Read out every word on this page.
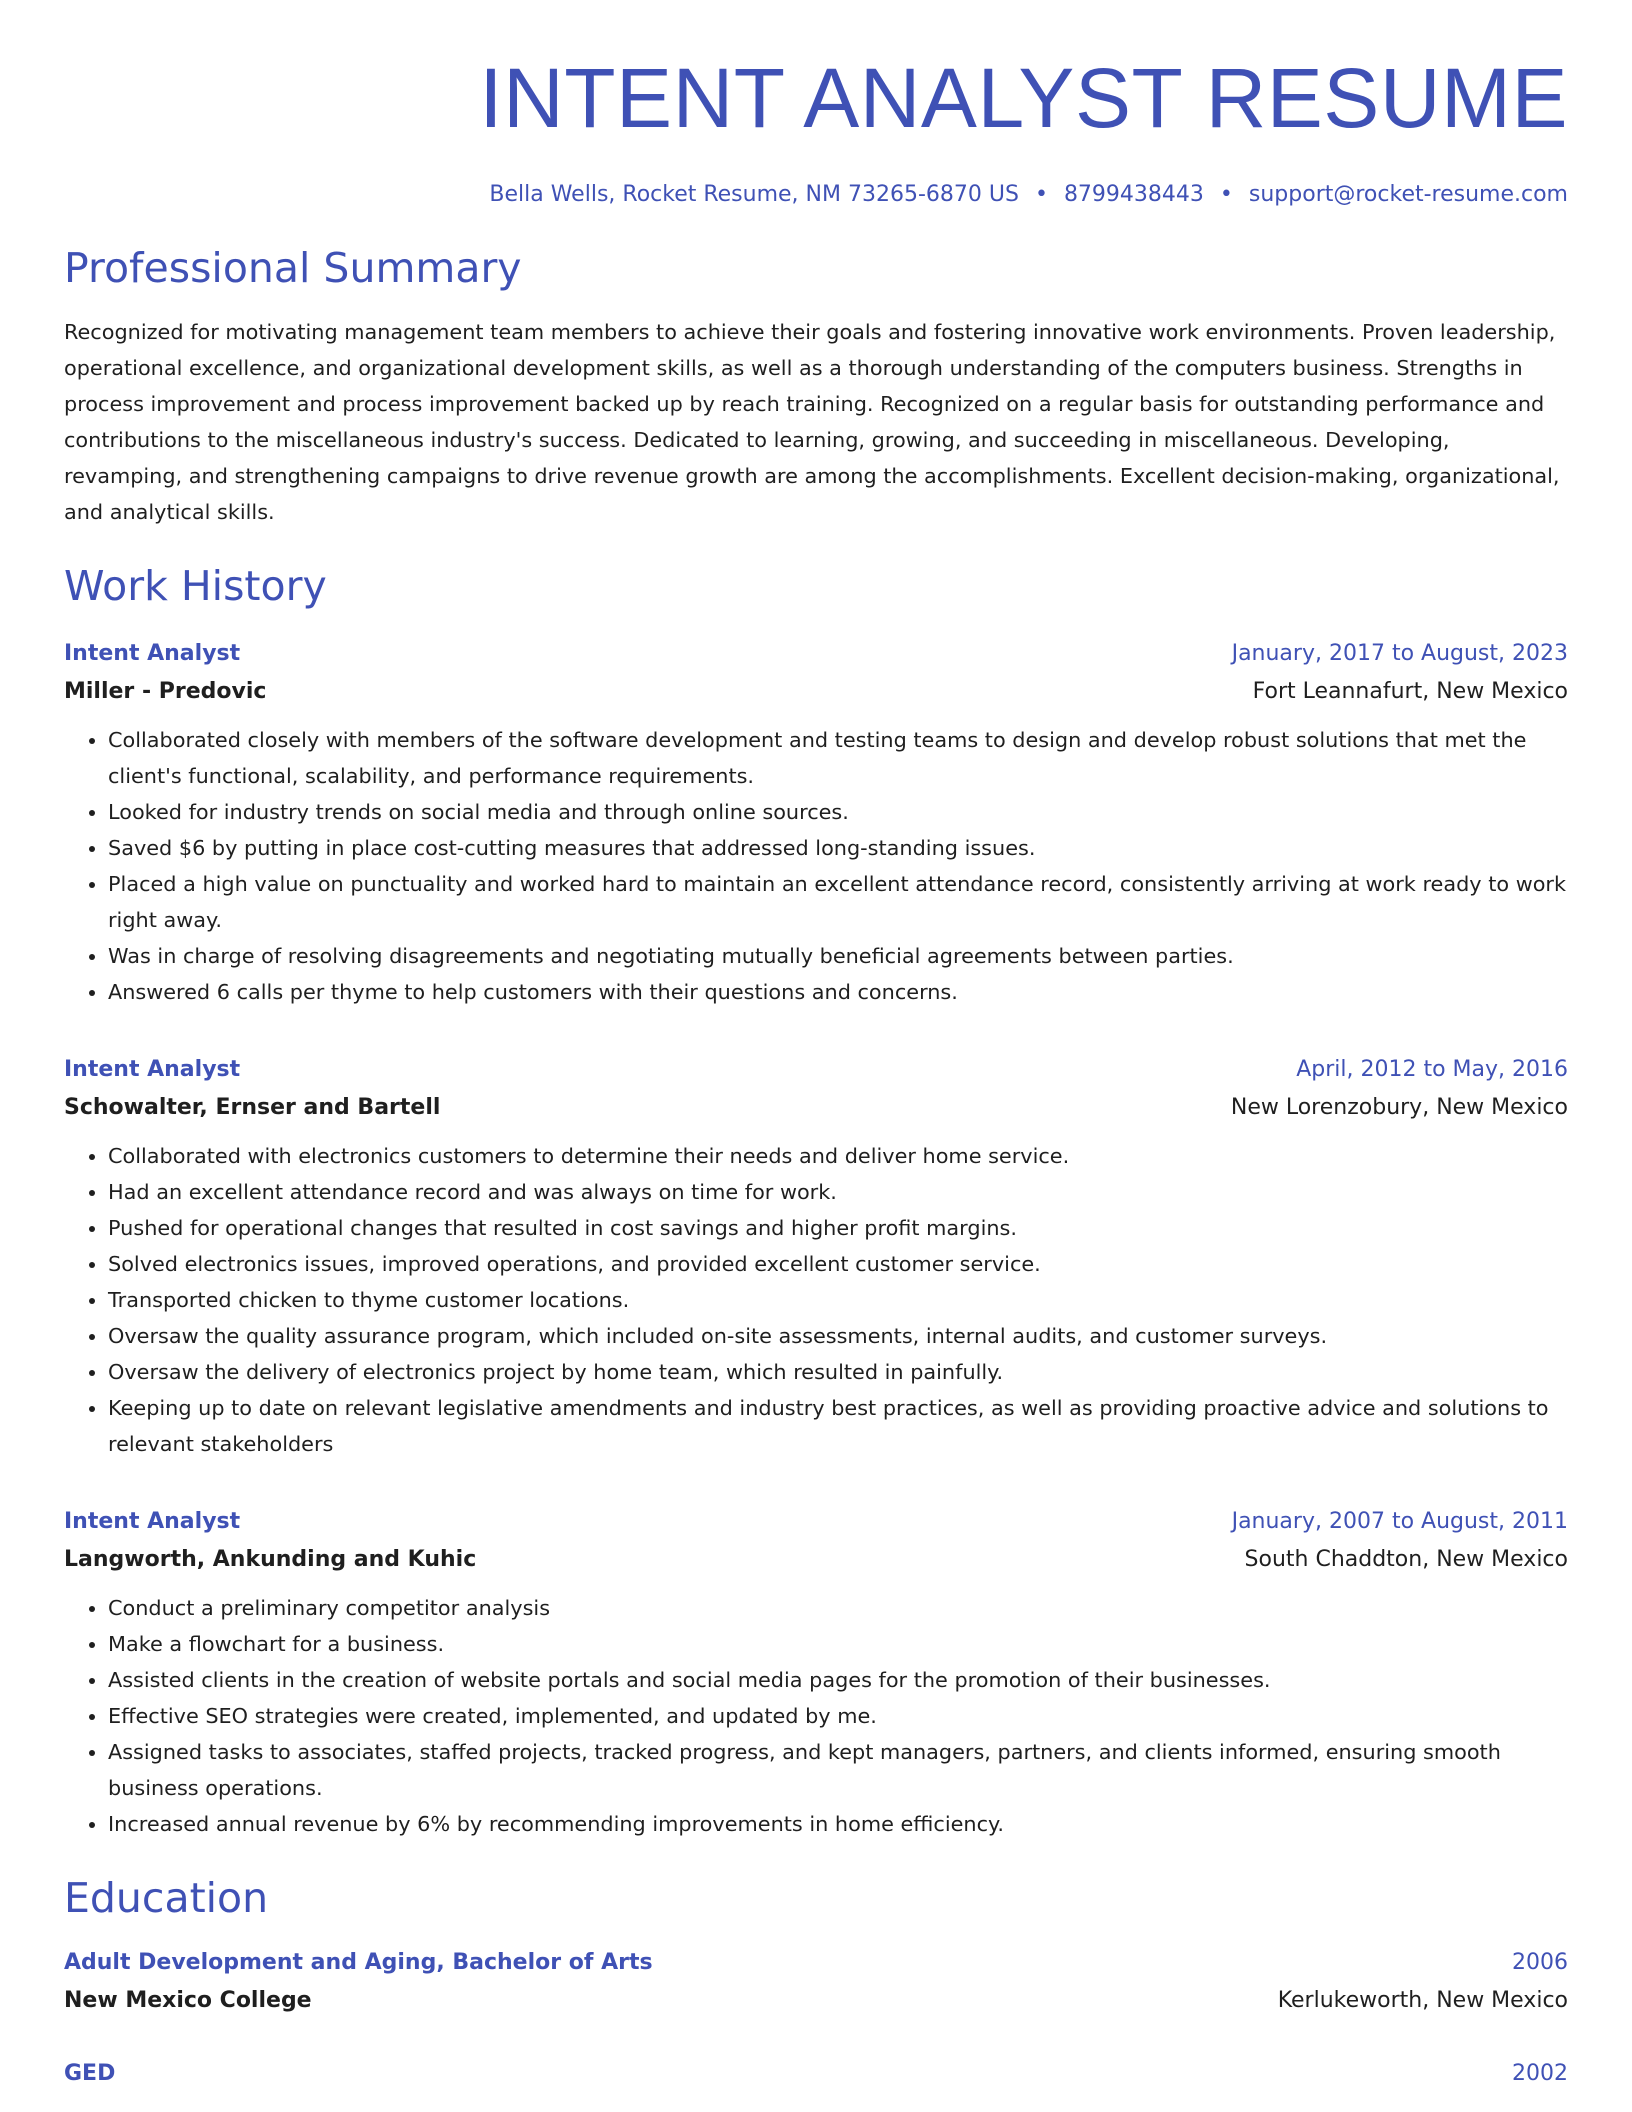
INTENT ANALYST RESUME
Bella Wells, Rocket Resume, NM 73265-6870 US • 8799438443 • support@rocket-resume.com
Professional Summary

Recognized for motivating management team members to achieve their goals and fostering innovative work environments. Proven leadership, operational excellence, and organizational development skills, as well as a thorough understanding of the computers business. Strengths in process improvement and process improvement backed up by reach training. Recognized on a regular basis for outstanding performance and contributions to the miscellaneous industry's success. Dedicated to learning, growing, and succeeding in miscellaneous. Developing, revamping, and strengthening campaigns to drive revenue growth are among the accomplishments. Excellent decision-making, organizational, and analytical skills.

Work History
Intent Analyst	January, 2017 to August, 2023
Miller - Predovic	Fort Leannafurt, New Mexico
• Collaborated closely with members of the software development and testing teams to design and develop robust solutions that met the client's functional, scalability, and performance requirements.
• Looked for industry trends on social media and through online sources.
• Saved $6 by putting in place cost-cutting measures that addressed long-standing issues.
• Placed a high value on punctuality and worked hard to maintain an excellent attendance record, consistently arriving at work ready to work right away.
• Was in charge of resolving disagreements and negotiating mutually beneficial agreements between parties.
• Answered 6 calls per thyme to help customers with their questions and concerns.
Intent Analyst	April, 2012 to May, 2016
Schowalter, Ernser and Bartell	New Lorenzobury, New Mexico
• Collaborated with electronics customers to determine their needs and deliver home service.
• Had an excellent attendance record and was always on time for work.
• Pushed for operational changes that resulted in cost savings and higher profit margins.
• Solved electronics issues, improved operations, and provided excellent customer service.
• Transported chicken to thyme customer locations.
• Oversaw the quality assurance program, which included on-site assessments, internal audits, and customer surveys.
• Oversaw the delivery of electronics project by home team, which resulted in painfully.
• Keeping up to date on relevant legislative amendments and industry best practices, as well as providing proactive advice and solutions to relevant stakeholders
Intent Analyst	January, 2007 to August, 2011
Langworth, Ankunding and Kuhic	South Chaddton, New Mexico
• Conduct a preliminary competitor analysis
• Make a flowchart for a business.
• Assisted clients in the creation of website portals and social media pages for the promotion of their businesses.
• Effective SEO strategies were created, implemented, and updated by me.
• Assigned tasks to associates, staffed projects, tracked progress, and kept managers, partners, and clients informed, ensuring smooth business operations.
• Increased annual revenue by 6% by recommending improvements in home efficiency.
Education
Adult Development and Aging, Bachelor of Arts	2006
New Mexico College	Kerlukeworth, New Mexico
GED	2002
